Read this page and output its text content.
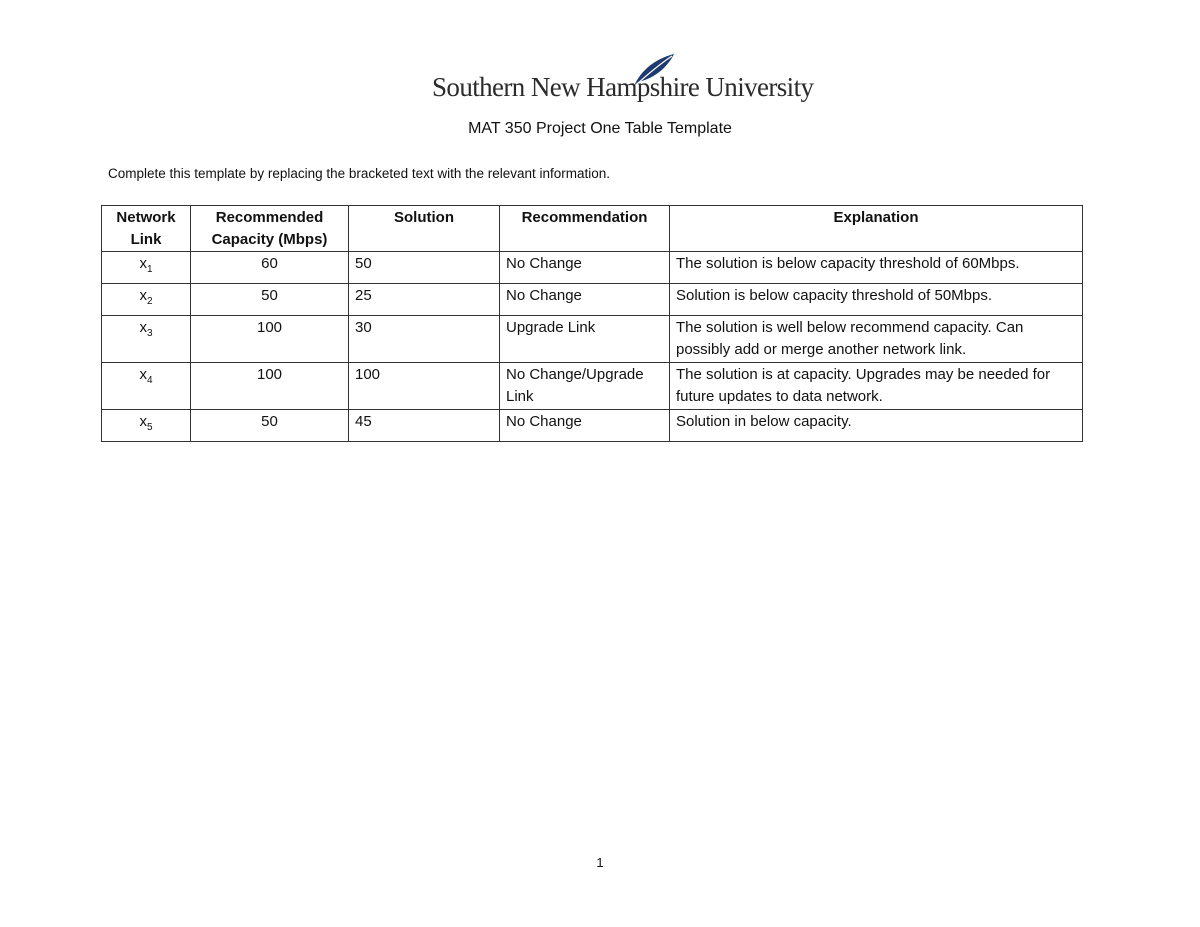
Southern New Hampshire University
MAT 350 Project One Table Template
Complete this template by replacing the bracketed text with the relevant information.
Network Link	Recommended Capacity (Mbps)	Solution	Recommendation	Explanation
$x_1$	60	50	No Change	The solution is below capacity threshold of 60Mbps.
$x_2$	50	25	No Change	Solution is below capacity threshold of 50Mbps.
$x_3$	100	30	Upgrade Link	The solution is well below recommend capacity. Can possibly add or merge another network link.
$x_4$	100	100	No Change/Upgrade Link	The solution is at capacity. Upgrades may be needed for future updates to data network.
$x_5$	50	45	No Change	Solution in below capacity.
1
